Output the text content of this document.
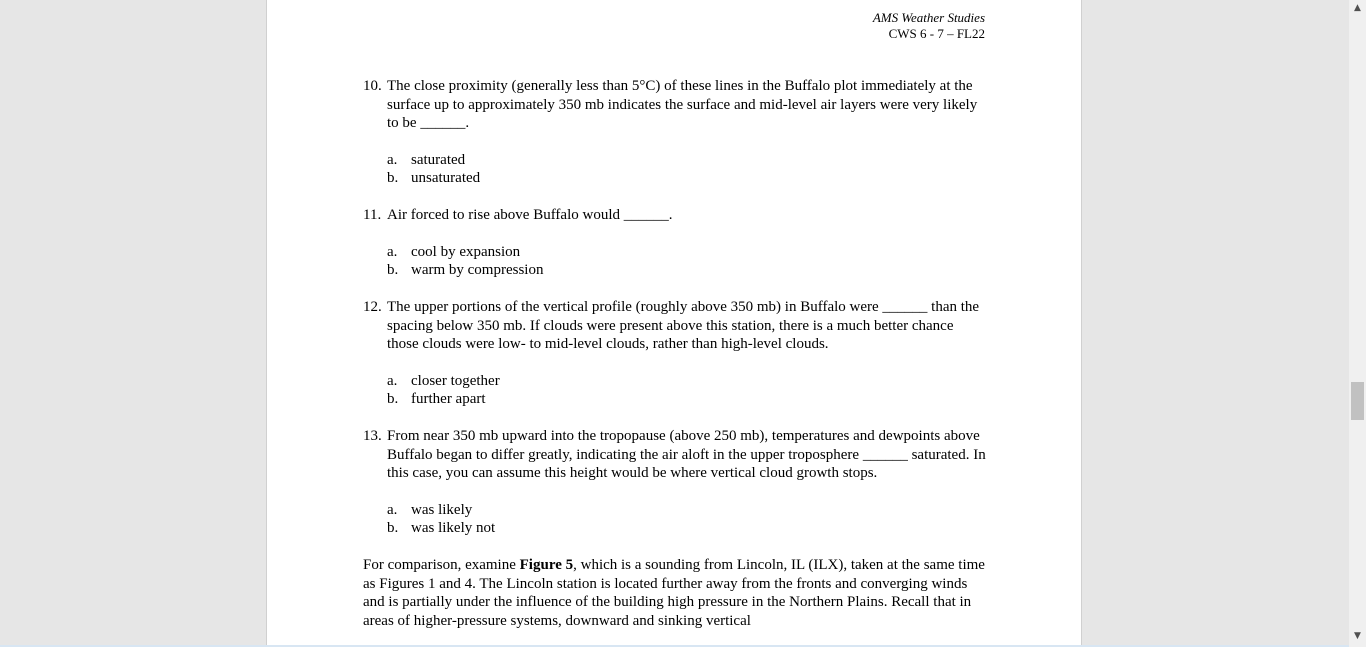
AMS Weather Studies
CWS 6 - 7 – FL22
10. The close proximity (generally less than 5°C) of these lines in the Buffalo plot immediately at the surface up to approximately 350 mb indicates the surface and mid-level air layers were very likely to be ______.
a. saturated
b. unsaturated
11. Air forced to rise above Buffalo would ______.
a. cool by expansion
b. warm by compression
12. The upper portions of the vertical profile (roughly above 350 mb) in Buffalo were ______ than the spacing below 350 mb. If clouds were present above this station, there is a much better chance those clouds were low- to mid-level clouds, rather than high-level clouds.
a. closer together
b. further apart
13. From near 350 mb upward into the tropopause (above 250 mb), temperatures and dewpoints above Buffalo began to differ greatly, indicating the air aloft in the upper troposphere ______ saturated. In this case, you can assume this height would be where vertical cloud growth stops.
a. was likely
b. was likely not
For comparison, examine Figure 5, which is a sounding from Lincoln, IL (ILX), taken at the same time as Figures 1 and 4. The Lincoln station is located further away from the fronts and converging winds and is partially under the influence of the building high pressure in the Northern Plains. Recall that in areas of higher-pressure systems, downward and sinking vertical
▲
▼
